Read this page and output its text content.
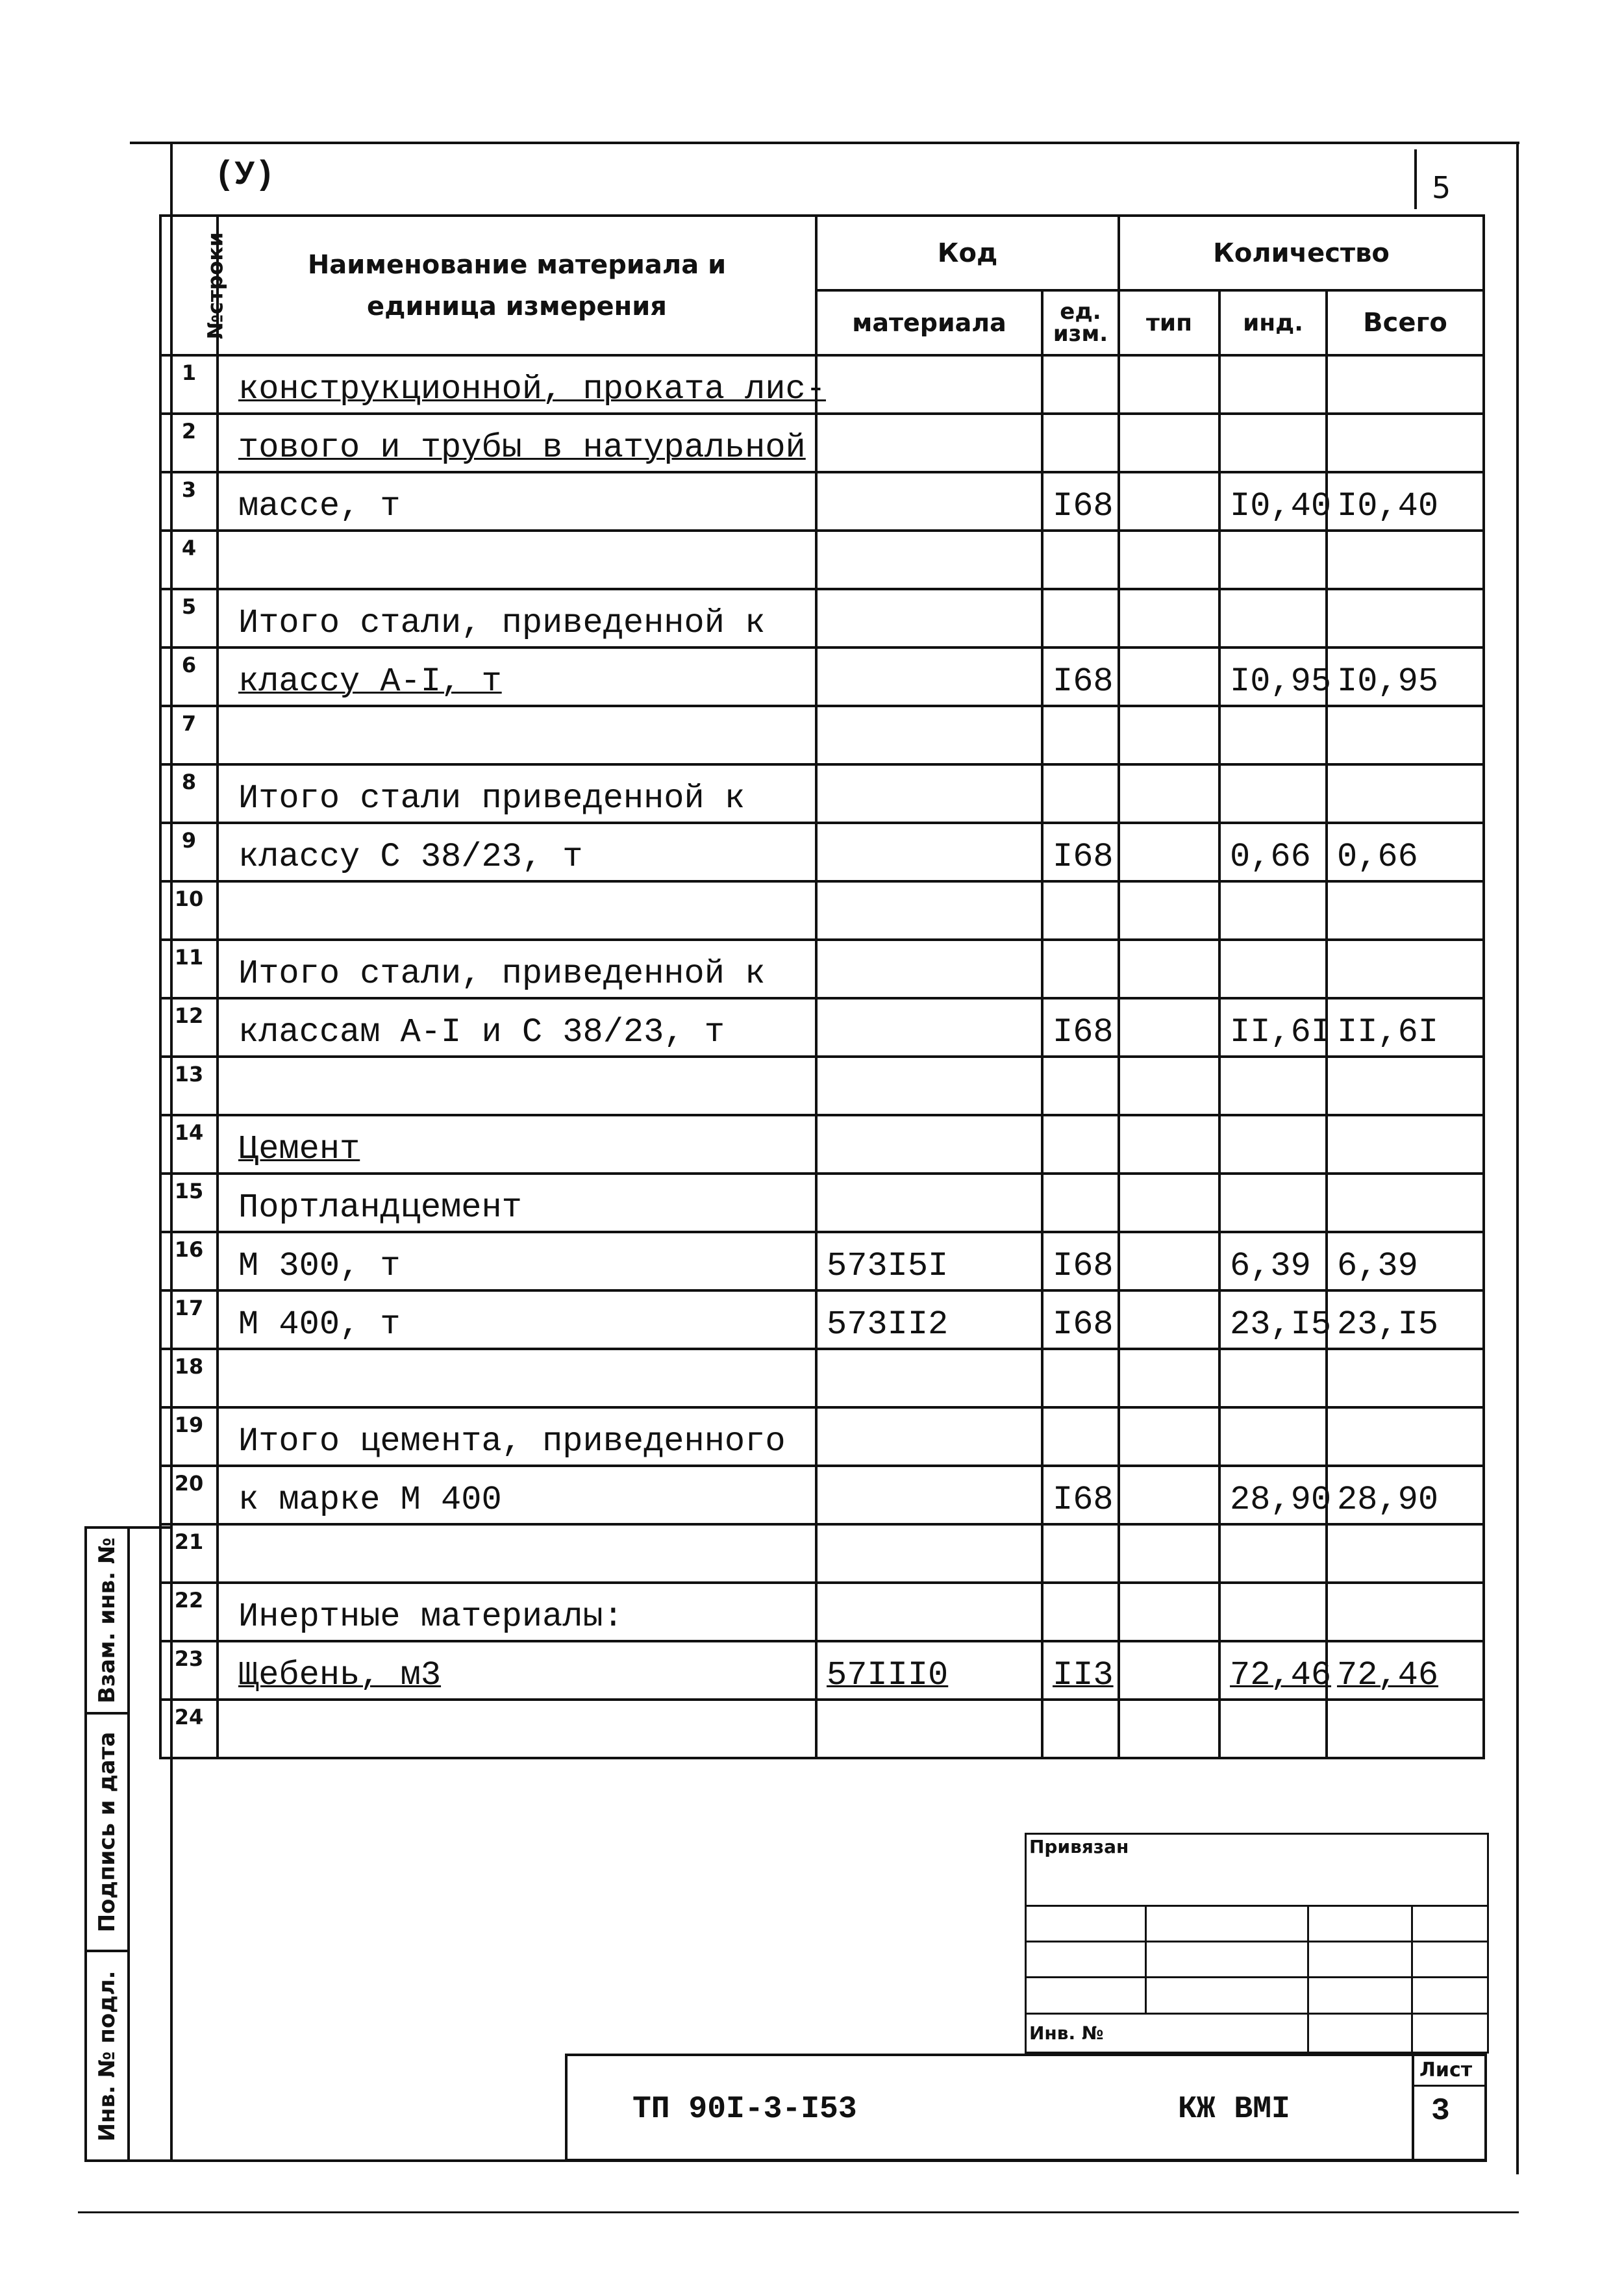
(У)	5
№строки	Наименование материала и единица измерения	Код		Количество		
		материала	ед. изм.	тип	инд.	Всего
1	конструкционной, проката лис-					
2	тового и трубы в натуральной					
3	массе, т		I68		I0,40	I0,40
4						
5	Итого стали, приведенной к					
6	классу А-I, т		I68		I0,95	I0,95
7						
8	Итого стали приведенной к					
9	классу С 38/23, т		I68		0,66	0,66
10						
11	Итого стали, приведенной к					
12	классам А-I и С 38/23, т		I68		II,6I	II,6I
13						
14	Цемент					
15	Портландцемент					
16	М 300, т	573I5I	I68		6,39	6,39
17	М 400, т	573II2	I68		23,I5	23,I5
18						
19	Итого цемента, приведенного					
20	к марке М 400		I68		28,90	28,90
21						
22	Инертные материалы:					
23	Щебень, м3	57III0	II3		72,46	72,46
24						
Привязан			

Инв. №			
ТП 90I-3-I53	КЖ ВМI
Лист
3
Взам. инв. №
Подпись и дата
Инв. № подл.
